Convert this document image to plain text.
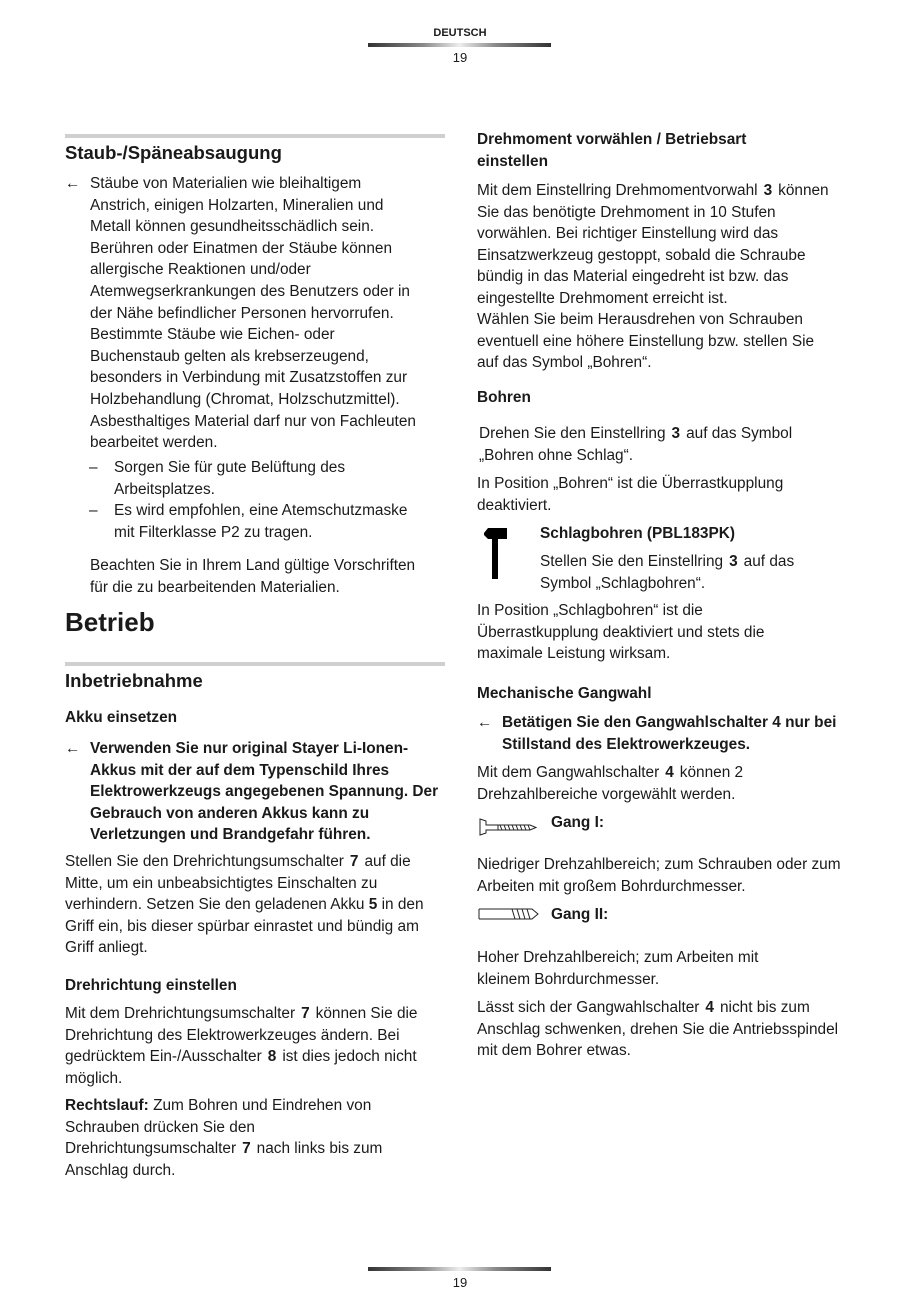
DEUTSCH
19
Staub-/Späneabsaugung
← Stäube von Materialien wie bleihaltigem Anstrich, einigen Holzarten, Mineralien und Metall können gesundheitsschädlich sein. Berühren oder Einatmen der Stäube können allergische Reaktionen und/oder Atemwegserkrankungen des Benutzers oder in der Nähe befindlicher Personen hervorrufen. Bestimmte Stäube wie Eichen- oder Buchenstaub gelten als krebserzeugend, besonders in Verbindung mit Zusatzstoffen zur Holzbehandlung (Chromat, Holzschutzmittel). Asbesthaltiges Material darf nur von Fachleuten bearbeitet werden.
– Sorgen Sie für gute Belüftung des Arbeitsplatzes.
– Es wird empfohlen, eine Atemschutzmaske mit Filterklasse P2 zu tragen.
Beachten Sie in Ihrem Land gültige Vorschriften für die zu bearbeitenden Materialien.
Betrieb
Inbetriebnahme
Akku einsetzen
← Verwenden Sie nur original Stayer Li-Ionen-Akkus mit der auf dem Typenschild Ihres Elektrowerkzeugs angegebenen Spannung. Der Gebrauch von anderen Akkus kann zu Verletzungen und Brandgefahr führen.
Stellen Sie den Drehrichtungsumschalter 7 auf die Mitte, um ein unbeabsichtigtes Einschalten zu verhindern. Setzen Sie den geladenen Akku 5 in den Griff ein, bis dieser spürbar einrastet und bündig am Griff anliegt.
Drehrichtung einstellen
Mit dem Drehrichtungsumschalter 7 können Sie die Drehrichtung des Elektrowerkzeuges ändern. Bei gedrücktem Ein-/Ausschalter 8 ist dies jedoch nicht möglich.
Rechtslauf: Zum Bohren und Eindrehen von Schrauben drücken Sie den Drehrichtungsumschalter 7 nach links bis zum Anschlag durch.
Drehmoment vorwählen / Betriebsart einstellen
Mit dem Einstellring Drehmomentvorwahl 3 können Sie das benötigte Drehmoment in 10 Stufen vorwählen. Bei richtiger Einstellung wird das Einsatzwerkzeug gestoppt, sobald die Schraube bündig in das Material eingedreht ist bzw. das eingestellte Drehmoment erreicht ist.
Wählen Sie beim Herausdrehen von Schrauben eventuell eine höhere Einstellung bzw. stellen Sie auf das Symbol „Bohren“.
Bohren
Drehen Sie den Einstellring 3 auf das Symbol „Bohren ohne Schlag“.
In Position „Bohren“ ist die Überrastkupplung deaktiviert.
Schlagbohren (PBL183PK)
Stellen Sie den Einstellring 3 auf das Symbol „Schlagbohren“.
In Position „Schlagbohren“ ist die Überrastkupplung deaktiviert und stets die maximale Leistung wirksam.
Mechanische Gangwahl
← Betätigen Sie den Gangwahlschalter 4 nur bei Stillstand des Elektrowerkzeuges.
Mit dem Gangwahlschalter 4 können 2 Drehzahlbereiche vorgewählt werden.
Gang I:
Niedriger Drehzahlbereich; zum Schrauben oder zum Arbeiten mit großem Bohrdurchmesser.
Gang II:
Hoher Drehzahlbereich; zum Arbeiten mit kleinem Bohrdurchmesser.
Lässt sich der Gangwahlschalter 4 nicht bis zum Anschlag schwenken, drehen Sie die Antriebsspindel mit dem Bohrer etwas.
19
